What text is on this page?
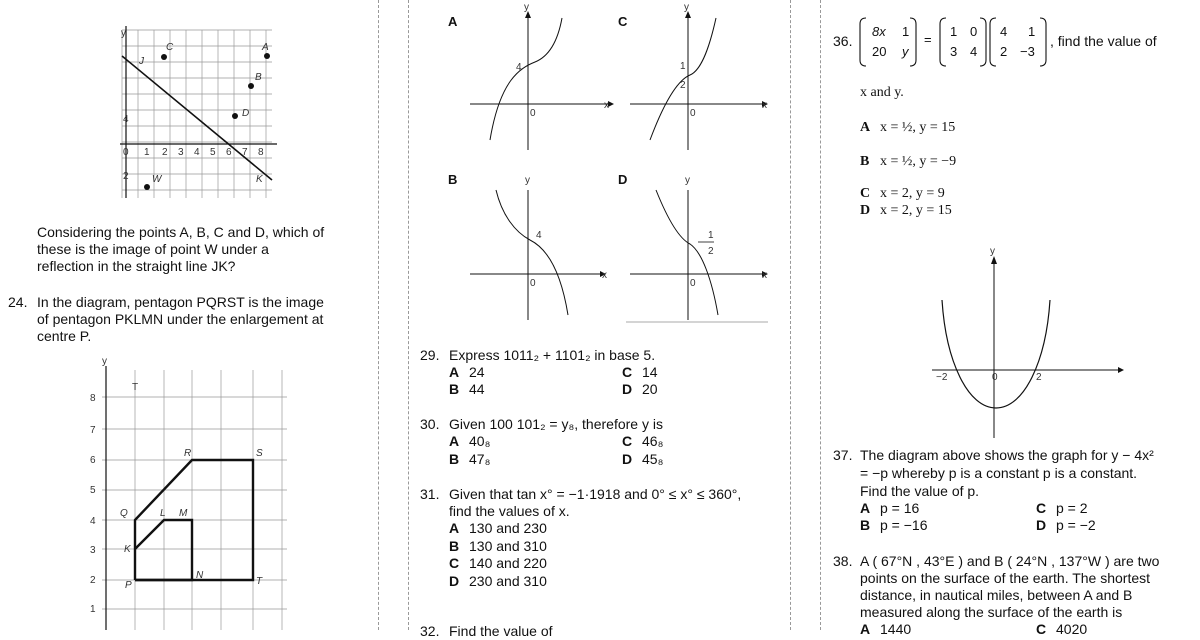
y
0 1 2 3 4 5 6 7 8
4
2
J
C	A
B
D
W	K
Considering the points A, B, C and D, which of
these is the image of point W under a
reflection in the straight line JK?
24. In the diagram, pentagon PQRST is the image
of pentagon PKLMN under the enlargement at
centre P.
y
8
7
6
5
4
3
2
1
T
R	S
Q	L M
K
N
P	T
A
y
x
4
0
C
y
x
1
2
0
B	y
x
4
0
D	y
x
1
2
0
29. Express 1011₂ + 1101₂ in base 5.
A 24
B 44
C 14
D 20
30. Given 100 101₂ = y₈, therefore y is
A 40₈
B 47₈
C 46₈
D 45₈
31. Given that tan x° = −1·1918 and 0° ≤ x° ≤ 360°,
find the values of x.
A 130 and 230
B 130 and 310
C 140 and 220
D 230 and 310
32. Find the value of
36.
8x 1
20 y
=
1 0
3 4
4 1
2 −3
, find the value of
x and y.
A x = ½, y = 15
B x = ½, y = −9
C x = 2, y = 9
D x = 2, y = 15
y
−2	2
0
37. The diagram above shows the graph for y − 4x²
= −p whereby p is a constant p is a constant.
Find the value of p.
A p = 16
B p = −16
C p = 2
D p = −2
38. A ( 67°N , 43°E ) and B ( 24°N , 137°W ) are two
points on the surface of the earth. The shortest
distance, in nautical miles, between A and B
measured along the surface of the earth is
A 1440	C 4020
